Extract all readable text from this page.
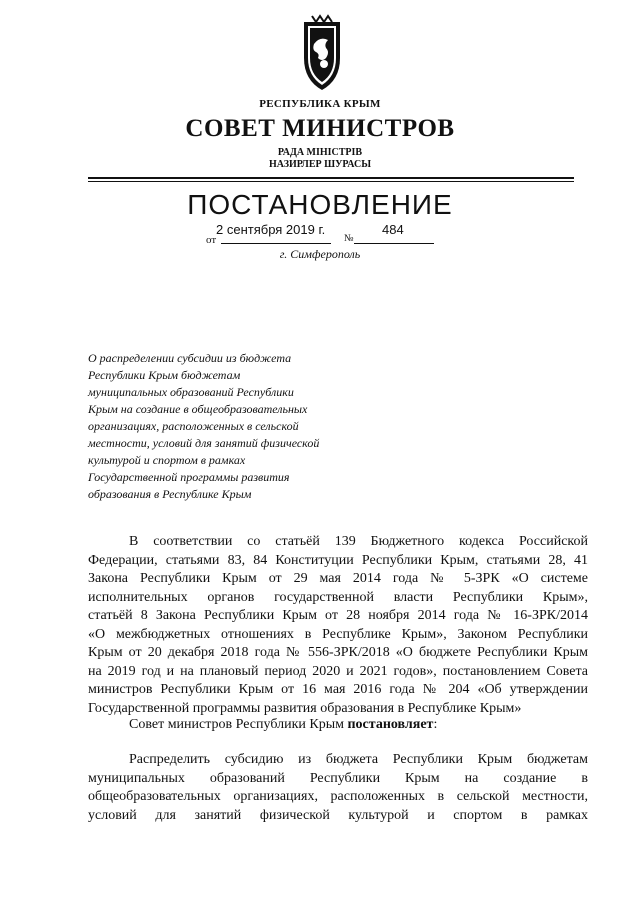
РЕСПУБЛИКА КРЫМ
СОВЕТ МИНИСТРОВ
РАДА МІНІСТРІВ
НАЗИРЛЕР ШУРАСЫ
ПОСТАНОВЛЕНИЕ
от
2 сентября 2019 г.
№
484
г. Симферополь
О распределении субсидии из бюджета
Республики Крым бюджетам
муниципальных образований Республики
Крым на создание в общеобразовательных
организациях, расположенных в сельской
местности, условий для занятий физической
культурой и спортом в рамках
Государственной программы развития
образования в Республике Крым
В соответствии со статьёй 139 Бюджетного кодекса Российской
Федерации, статьями 83, 84 Конституции Республики Крым, статьями 28, 41
Закона Республики Крым от 29 мая 2014 года № 5-ЗРК «О системе
исполнительных органов государственной власти Республики Крым»,
статьёй 8 Закона Республики Крым от 28 ноября 2014 года № 16-ЗРК/2014
«О межбюджетных отношениях в Республике Крым», Законом Республики
Крым от 20 декабря 2018 года № 556-ЗРК/2018 «О бюджете Республики Крым
на 2019 год и на плановый период 2020 и 2021 годов», постановлением Совета
министров Республики Крым от 16 мая 2016 года № 204 «Об утверждении
Государственной программы развития образования в Республике Крым»
Совет министров Республики Крым постановляет:
Распределить субсидию из бюджета Республики Крым бюджетам
муниципальных образований Республики Крым на создание в
общеобразовательных организациях, расположенных в сельской местности,
условий для занятий физической культурой и спортом в рамках
